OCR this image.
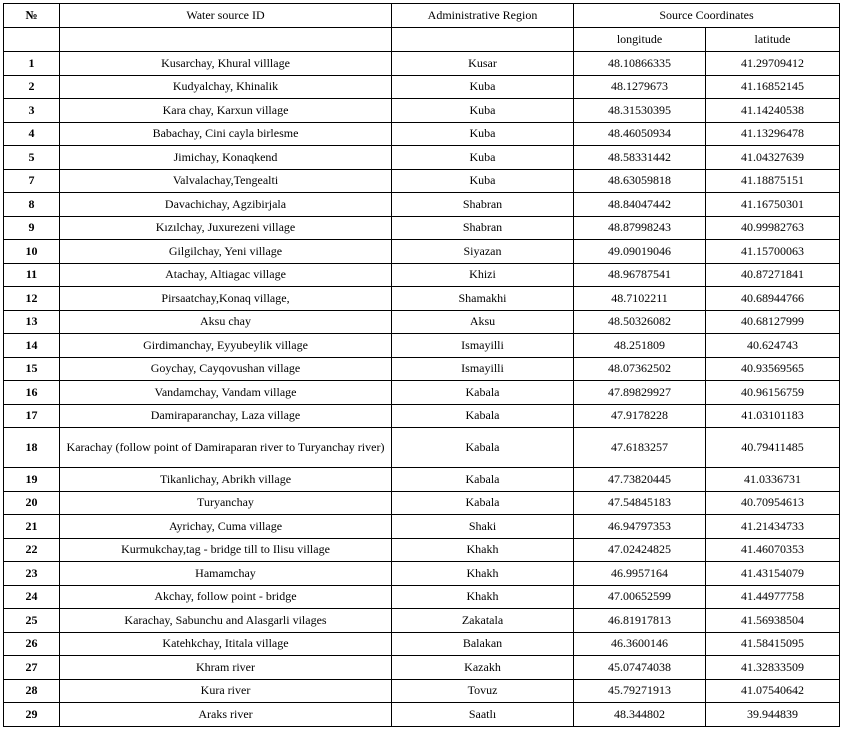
№	Water source ID	Administrative Region	Source Coordinates	
			longitude	latitude
1	Kusarchay, Khural villlage	Kusar	48.10866335	41.29709412
2	Kudyalchay, Khinalik	Kuba	48.1279673	41.16852145
3	Kara chay, Karxun village	Kuba	48.31530395	41.14240538
4	Babachay, Cini cayla birlesme	Kuba	48.46050934	41.13296478
5	Jimichay, Konaqkend	Kuba	48.58331442	41.04327639
7	Valvalachay,Tengealti	Kuba	48.63059818	41.18875151
8	Davachichay, Agzibirjala	Shabran	48.84047442	41.16750301
9	Kızılchay, Juxurezeni village	Shabran	48.87998243	40.99982763
10	Gilgilchay, Yeni village	Siyazan	49.09019046	41.15700063
11	Atachay, Altiagac village	Khizi	48.96787541	40.87271841
12	Pirsaatchay,Konaq village,	Shamakhi	48.7102211	40.68944766
13	Aksu chay	Aksu	48.50326082	40.68127999
14	Girdimanchay, Eyyubeylik village	Ismayilli	48.251809	40.624743
15	Goychay, Cayqovushan village	Ismayilli	48.07362502	40.93569565
16	Vandamchay, Vandam village	Kabala	47.89829927	40.96156759
17	Damiraparanchay, Laza village	Kabala	47.9178228	41.03101183
18	Karachay (follow point of Damiraparan river to Turyanchay river)	Kabala	47.6183257	40.79411485
19	Tikanlichay, Abrikh village	Kabala	47.73820445	41.0336731
20	Turyanchay	Kabala	47.54845183	40.70954613
21	Ayrichay, Cuma village	Shaki	46.94797353	41.21434733
22	Kurmukchay,tag - bridge till to Ilisu village	Khakh	47.02424825	41.46070353
23	Hamamchay	Khakh	46.9957164	41.43154079
24	Akchay, follow point - bridge	Khakh	47.00652599	41.44977758
25	Karachay, Sabunchu and Alasgarli vilages	Zakatala	46.81917813	41.56938504
26	Katehkchay, Ititala village	Balakan	46.3600146	41.58415095
27	Khram river	Kazakh	45.07474038	41.32833509
28	Kura river	Tovuz	45.79271913	41.07540642
29	Araks river	Saatlı	48.344802	39.944839
